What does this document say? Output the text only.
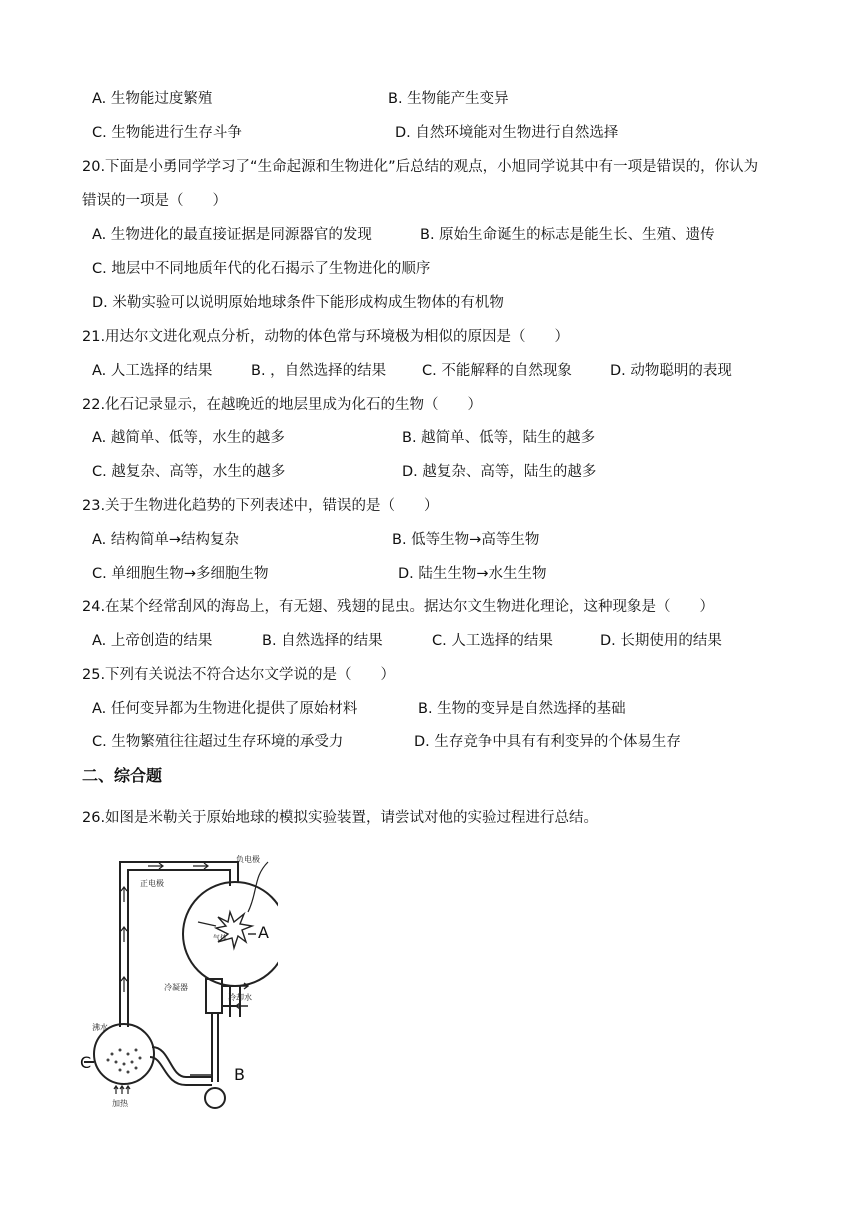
A. 生物能过度繁殖	B. 生物能产生变异
C. 生物能进行生存斗争	D. 自然环境能对生物进行自然选择
20.下面是小勇同学学习了“生命起源和生物进化”后总结的观点，小旭同学说其中有一项是错误的，你认为
错误的一项是（　　）
A. 生物进化的最直接证据是同源器官的发现	B. 原始生命诞生的标志是能生长、生殖、遗传
C. 地层中不同地质年代的化石揭示了生物进化的顺序
D. 米勒实验可以说明原始地球条件下能形成构成生物体的有机物
21.用达尔文进化观点分析，动物的体色常与环境极为相似的原因是（　　）
A. 人工选择的结果	B. ，自然选择的结果 C. 不能解释的自然现象	D. 动物聪明的表现
22.化石记录显示，在越晚近的地层里成为化石的生物（　　）
A. 越简单、低等，水生的越多	B. 越简单、低等，陆生的越多
C. 越复杂、高等，水生的越多	D. 越复杂、高等，陆生的越多
23.关于生物进化趋势的下列表述中，错误的是（　　）
A. 结构简单→结构复杂	B. 低等生物→高等生物
C. 单细胞生物→多细胞生物	D. 陆生生物→水生生物
24.在某个经常刮风的海岛上，有无翅、残翅的昆虫。据达尔文生物进化理论，这种现象是（　　）
A. 上帝创造的结果	B. 自然选择的结果	C. 人工选择的结果	D. 长期使用的结果
25.下列有关说法不符合达尔文学说的是（　　）
A. 任何变异都为生物进化提供了原始材料	B. 生物的变异是自然选择的基础
C. 生物繁殖往往超过生存环境的承受力	D. 生存竞争中具有有利变异的个体易生存
二、综合题
26.如图是米勒关于原始地球的模拟实验装置，请尝试对他的实验过程进行总结。
负电极
正电极
气体
冷凝器
冷却水
沸水
加热
A
B
C
